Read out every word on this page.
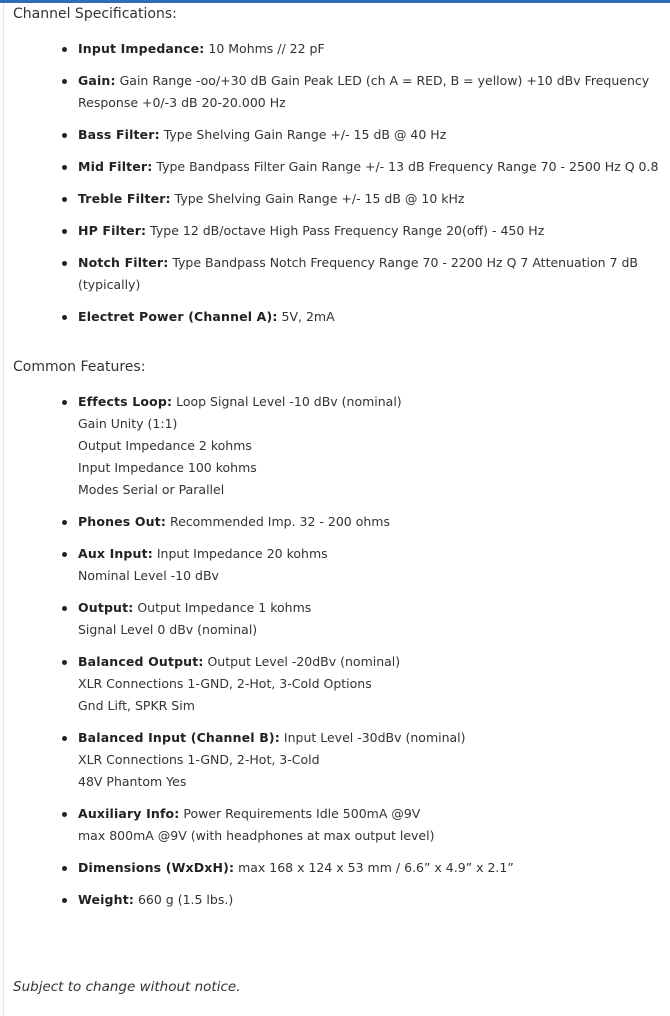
Channel Specifications:
Input Impedance: 10 Mohms // 22 pF
Gain: Gain Range -oo/+30 dB Gain Peak LED (ch A = RED, B = yellow) +10 dBv Frequency
Response +0/-3 dB 20-20.000 Hz
Bass Filter: Type Shelving Gain Range +/- 15 dB @ 40 Hz
Mid Filter: Type Bandpass Filter Gain Range +/- 13 dB Frequency Range 70 - 2500 Hz Q 0.8
Treble Filter: Type Shelving Gain Range +/- 15 dB @ 10 kHz
HP Filter: Type 12 dB/octave High Pass Frequency Range 20(off) - 450 Hz
Notch Filter: Type Bandpass Notch Frequency Range 70 - 2200 Hz Q 7 Attenuation 7 dB
(typically)
Electret Power (Channel A): 5V, 2mA
Common Features:
Effects Loop: Loop Signal Level -10 dBv (nominal)
Gain Unity (1:1)
Output Impedance 2 kohms
Input Impedance 100 kohms
Modes Serial or Parallel
Phones Out: Recommended Imp. 32 - 200 ohms
Aux Input: Input Impedance 20 kohms
Nominal Level -10 dBv
Output: Output Impedance 1 kohms
Signal Level 0 dBv (nominal)
Balanced Output: Output Level -20dBv (nominal)
XLR Connections 1-GND, 2-Hot, 3-Cold Options
Gnd Lift, SPKR Sim
Balanced Input (Channel B): Input Level -30dBv (nominal)
XLR Connections 1-GND, 2-Hot, 3-Cold
48V Phantom Yes
Auxiliary Info: Power Requirements Idle 500mA @9V
max 800mA @9V (with headphones at max output level)
Dimensions (WxDxH): max 168 x 124 x 53 mm / 6.6” x 4.9” x 2.1”
Weight: 660 g (1.5 lbs.)

Subject to change without notice.
